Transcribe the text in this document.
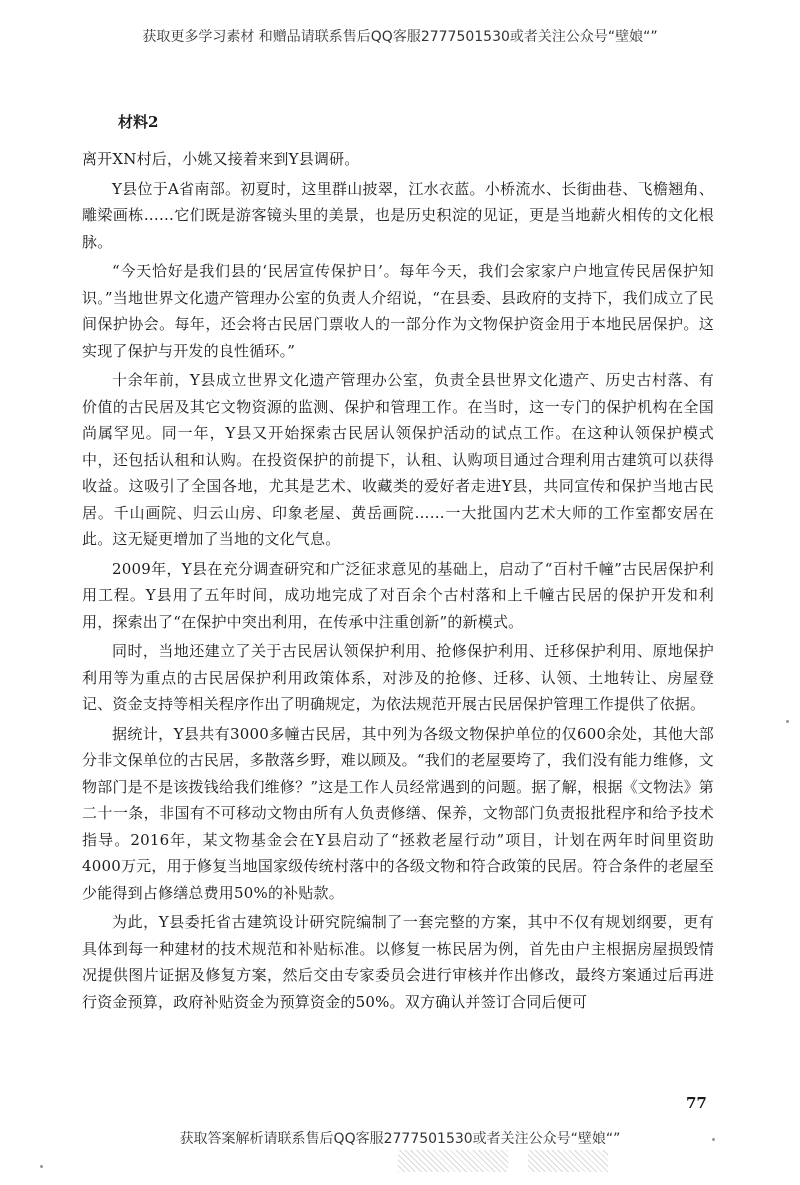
获取更多学习素材 和赠品请联系售后QQ客服2777501530或者关注公众号“壁娘“”
材料2

离开XN村后，小姚又接着来到Y县调研。

Y县位于A省南部。初夏时，这里群山披翠，江水衣蓝。小桥流水、长街曲巷、飞檐翘角、雕梁画栋……它们既是游客镜头里的美景，也是历史积淀的见证，更是当地薪火相传的文化根脉。

“今天恰好是我们县的‘民居宣传保护日’。每年今天，我们会家家户户地宣传民居保护知识。”当地世界文化遗产管理办公室的负责人介绍说，“在县委、县政府的支持下，我们成立了民间保护协会。每年，还会将古民居门票收人的一部分作为文物保护资金用于本地民居保护。这实现了保护与开发的良性循环。”

十余年前，Y县成立世界文化遗产管理办公室，负责全县世界文化遗产、历史古村落、有价值的古民居及其它文物资源的监测、保护和管理工作。在当时，这一专门的保护机构在全国尚属罕见。同一年，Y县又开始探索古民居认领保护活动的试点工作。在这种认领保护模式中，还包括认租和认购。在投资保护的前提下，认租、认购项目通过合理利用古建筑可以获得收益。这吸引了全国各地，尤其是艺术、收藏类的爱好者走进Y县，共同宣传和保护当地古民居。千山画院、归云山房、印象老屋、黄岳画院……一大批国内艺术大师的工作室都安居在此。这无疑更增加了当地的文化气息。

2009年，Y县在充分调查研究和广泛征求意见的基础上，启动了“百村千幢”古民居保护利用工程。Y县用了五年时间，成功地完成了对百余个古村落和上千幢古民居的保护开发和利用，探索出了“在保护中突出利用，在传承中注重创新”的新模式。

同时，当地还建立了关于古民居认领保护利用、抢修保护利用、迁移保护利用、原地保护利用等为重点的古民居保护利用政策体系，对涉及的抢修、迁移、认领、土地转让、房屋登记、资金支持等相关程序作出了明确规定，为依法规范开展古民居保护管理工作提供了依据。

据统计，Y县共有3000多幢古民居，其中列为各级文物保护单位的仅600余处，其他大部分非文保单位的古民居，多散落乡野，难以顾及。“我们的老屋要垮了，我们没有能力维修，文物部门是不是该拨钱给我们维修？”这是工作人员经常遇到的问题。据了解，根据《文物法》第二十一条，非国有不可移动文物由所有人负责修缮、保养，文物部门负责报批程序和给予技术指导。2016年，某文物基金会在Y县启动了“拯救老屋行动”项目，计划在两年时间里资助4000万元，用于修复当地国家级传统村落中的各级文物和符合政策的民居。符合条件的老屋至少能得到占修缮总费用50%的补贴款。

为此，Y县委托省古建筑设计研究院编制了一套完整的方案，其中不仅有规划纲要，更有具体到每一种建材的技术规范和补贴标准。以修复一栋民居为例，首先由户主根据房屋损毁情况提供图片证据及修复方案，然后交由专家委员会进行审核并作出修改，最终方案通过后再进行资金预算，政府补贴资金为预算资金的50%。双方确认并签订合同后便可

77
获取答案解析请联系售后QQ客服2777501530或者关注公众号“壁娘“”
